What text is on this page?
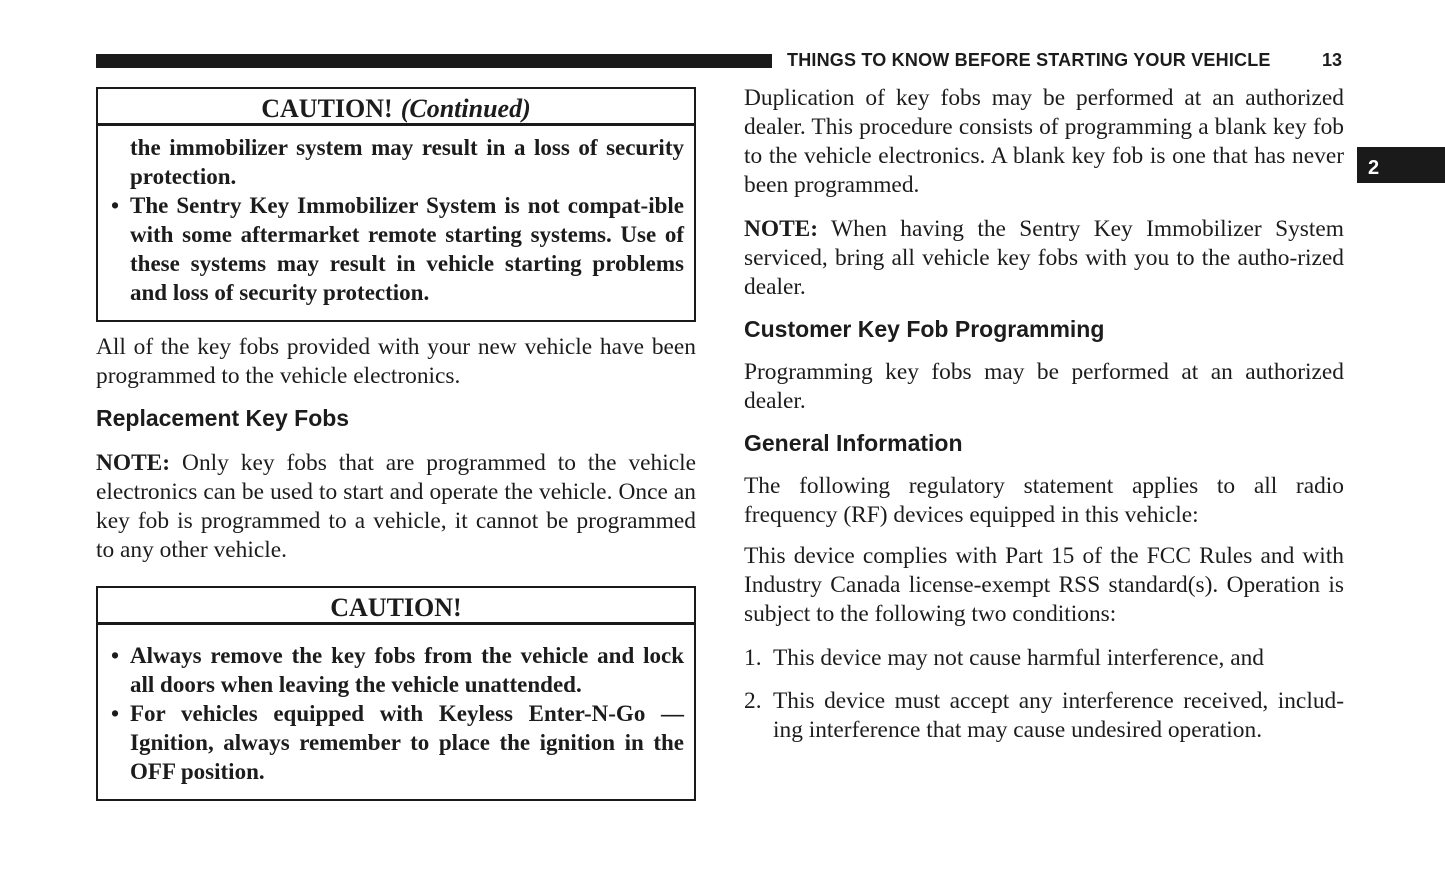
THINGS TO KNOW BEFORE STARTING YOUR VEHICLE	13
2
CAUTION! (Continued)

the immobilizer system may result in a loss of security protection.

• The Sentry Key Immobilizer System is not compat-ible with some aftermarket remote starting systems. Use of these systems may result in vehicle starting problems and loss of security protection.

All of the key fobs provided with your new vehicle have been programmed to the vehicle electronics.

Replacement Key Fobs

NOTE: Only key fobs that are programmed to the vehicle electronics can be used to start and operate the vehicle. Once an key fob is programmed to a vehicle, it cannot be programmed to any other vehicle.

CAUTION!

• Always remove the key fobs from the vehicle and lock all doors when leaving the vehicle unattended.

• For vehicles equipped with Keyless Enter-N-Go — Ignition, always remember to place the ignition in the OFF position.

Duplication of key fobs may be performed at an authorized dealer. This procedure consists of programming a blank key fob to the vehicle electronics. A blank key fob is one that has never been programmed.

NOTE: When having the Sentry Key Immobilizer System serviced, bring all vehicle key fobs with you to the autho-rized dealer.

Customer Key Fob Programming

Programming key fobs may be performed at an authorized dealer.

General Information

The following regulatory statement applies to all radio frequency (RF) devices equipped in this vehicle:

This device complies with Part 15 of the FCC Rules and with Industry Canada license-exempt RSS standard(s). Operation is subject to the following two conditions:

1. This device may not cause harmful interference, and
2. This device must accept any interference received, includ-ing interference that may cause undesired operation.
